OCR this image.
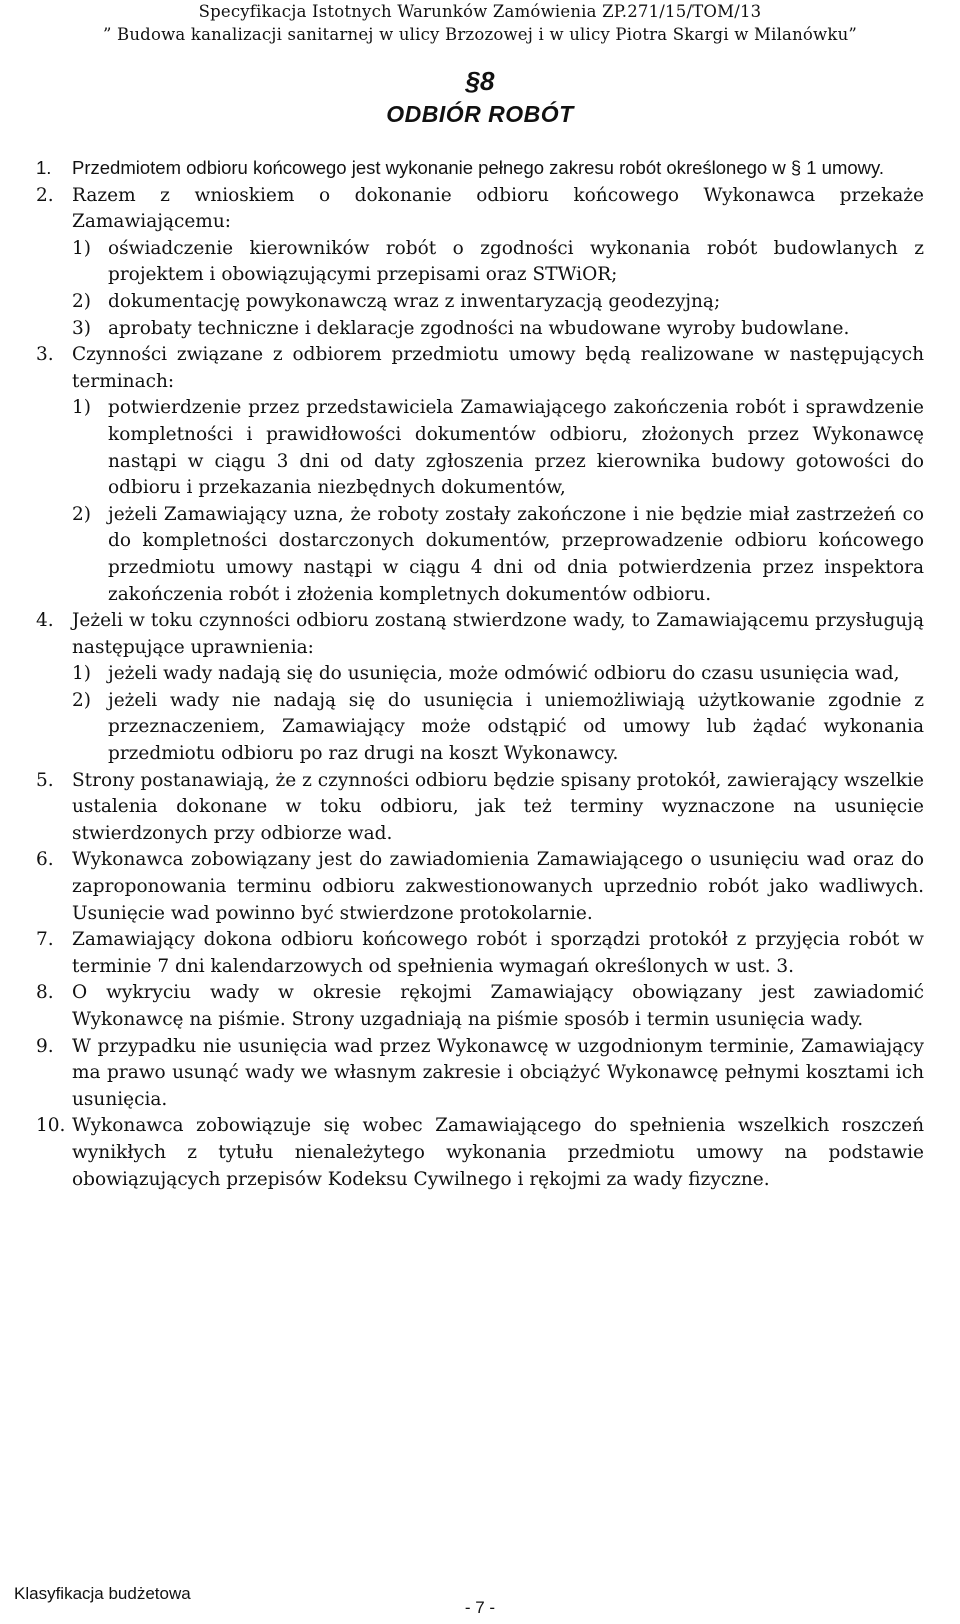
Specyfikacja Istotnych Warunków Zamówienia ZP.271/15/TOM/13
” Budowa kanalizacji sanitarnej w ulicy Brzozowej i w ulicy Piotra Skargi w Milanówku”
§8
ODBIÓR ROBÓT
1. Przedmiotem odbioru końcowego jest wykonanie pełnego zakresu robót określonego w § 1 umowy.
2. Razem z wnioskiem o dokonanie odbioru końcowego Wykonawca przekaże Zamawiającemu:
1) oświadczenie kierowników robót o zgodności wykonania robót budowlanych z projektem i obowiązującymi przepisami oraz STWiOR;
2) dokumentację powykonawczą wraz z inwentaryzacją geodezyjną;
3) aprobaty techniczne i deklaracje zgodności na wbudowane wyroby budowlane.
3. Czynności związane z odbiorem przedmiotu umowy będą realizowane w następujących terminach:
1) potwierdzenie przez przedstawiciela Zamawiającego zakończenia robót i sprawdzenie kompletności i prawidłowości dokumentów odbioru, złożonych przez Wykonawcę nastąpi w ciągu 3 dni od daty zgłoszenia przez kierownika budowy gotowości do odbioru i przekazania niezbędnych dokumentów,
2) jeżeli Zamawiający uzna, że roboty zostały zakończone i nie będzie miał zastrzeżeń co do kompletności dostarczonych dokumentów, przeprowadzenie odbioru końcowego przedmiotu umowy nastąpi w ciągu 4 dni od dnia potwierdzenia przez inspektora zakończenia robót i złożenia kompletnych dokumentów odbioru.
4. Jeżeli w toku czynności odbioru zostaną stwierdzone wady, to Zamawiającemu przysługują następujące uprawnienia:
1) jeżeli wady nadają się do usunięcia, może odmówić odbioru do czasu usunięcia wad,
2) jeżeli wady nie nadają się do usunięcia i uniemożliwiają użytkowanie zgodnie z przeznaczeniem, Zamawiający może odstąpić od umowy lub żądać wykonania przedmiotu odbioru po raz drugi na koszt Wykonawcy.
5. Strony postanawiają, że z czynności odbioru będzie spisany protokół, zawierający wszelkie ustalenia dokonane w toku odbioru, jak też terminy wyznaczone na usunięcie stwierdzonych przy odbiorze wad.
6. Wykonawca zobowiązany jest do zawiadomienia Zamawiającego o usunięciu wad oraz do zaproponowania terminu odbioru zakwestionowanych uprzednio robót jako wadliwych. Usunięcie wad powinno być stwierdzone protokolarnie.
7. Zamawiający dokona odbioru końcowego robót i sporządzi protokół z przyjęcia robót w terminie 7 dni kalendarzowych od spełnienia wymagań określonych w ust. 3.
8. O wykryciu wady w okresie rękojmi Zamawiający obowiązany jest zawiadomić Wykonawcę na piśmie. Strony uzgadniają na piśmie sposób i termin usunięcia wady.
9. W przypadku nie usunięcia wad przez Wykonawcę w uzgodnionym terminie, Zamawiający ma prawo usunąć wady we własnym zakresie i obciążyć Wykonawcę pełnymi kosztami ich usunięcia.
10. Wykonawca zobowiązuje się wobec Zamawiającego do spełnienia wszelkich roszczeń wynikłych z tytułu nienależytego wykonania przedmiotu umowy na podstawie obowiązujących przepisów Kodeksu Cywilnego i rękojmi za wady fizyczne.
Klasyfikacja budżetowa
- 7 -
